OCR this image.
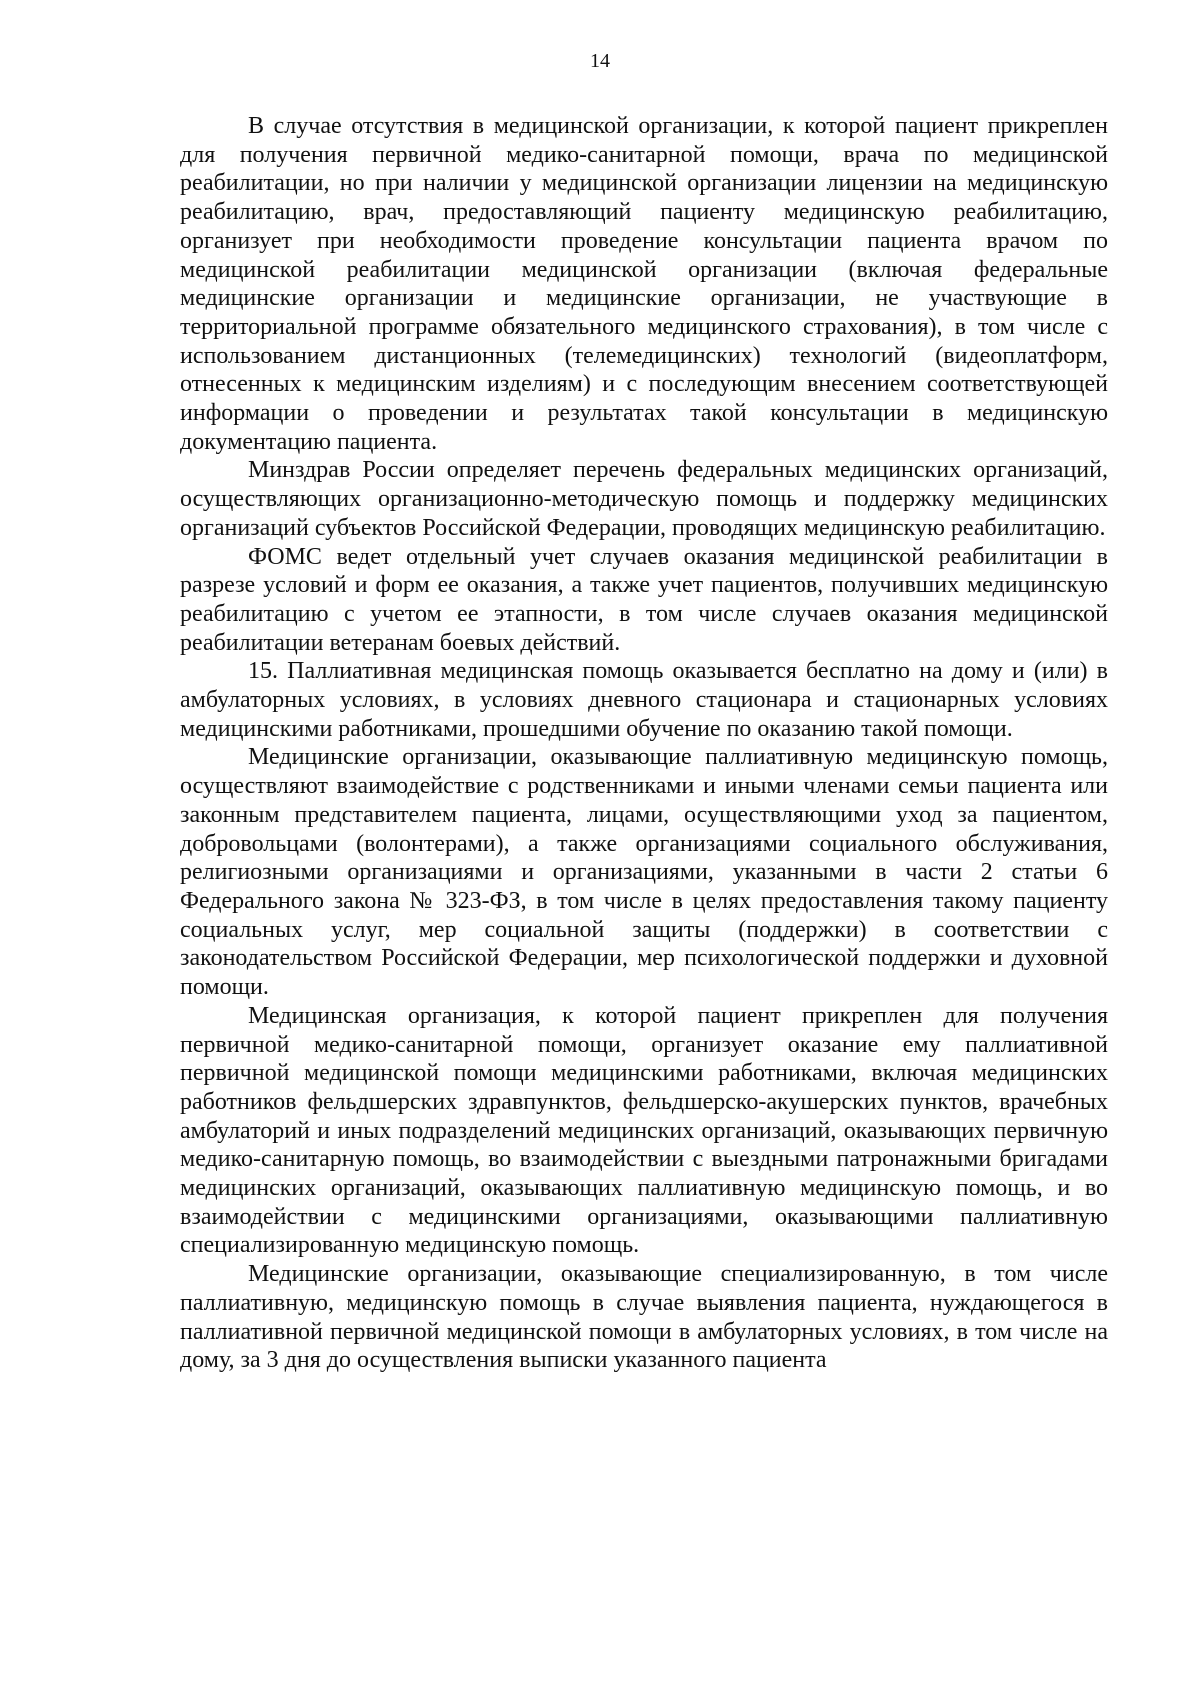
14

В случае отсутствия в медицинской организации, к которой пациент прикреплен для получения первичной медико-санитарной помощи, врача по медицинской реабилитации, но при наличии у медицинской организации лицензии на медицинскую реабилитацию, врач, предоставляющий пациенту медицинскую реабилитацию, организует при необходимости проведение консультации пациента врачом по медицинской реабилитации медицинской организации (включая федеральные медицинские организации и медицинские организации, не участвующие в территориальной программе обязательного медицинского страхования), в том числе с использованием дистанционных (телемедицинских) технологий (видеоплатформ, отнесенных к медицинским изделиям) и с последующим внесением соответствующей информации о проведении и результатах такой консультации в медицинскую документацию пациента.

Минздрав России определяет перечень федеральных медицинских организаций, осуществляющих организационно-методическую помощь и поддержку медицинских организаций субъектов Российской Федерации, проводящих медицинскую реабилитацию.

ФОМС ведет отдельный учет случаев оказания медицинской реабилитации в разрезе условий и форм ее оказания, а также учет пациентов, получивших медицинскую реабилитацию с учетом ее этапности, в том числе случаев оказания медицинской реабилитации ветеранам боевых действий.

15. Паллиативная медицинская помощь оказывается бесплатно на дому и (или) в амбулаторных условиях, в условиях дневного стационара и стационарных условиях медицинскими работниками, прошедшими обучение по оказанию такой помощи.

Медицинские организации, оказывающие паллиативную медицинскую помощь, осуществляют взаимодействие с родственниками и иными членами семьи пациента или законным представителем пациента, лицами, осуществляющими уход за пациентом, добровольцами (волонтерами), а также организациями социального обслуживания, религиозными организациями и организациями, указанными в части 2 статьи 6 Федерального закона № 323-ФЗ, в том числе в целях предоставления такому пациенту социальных услуг, мер социальной защиты (поддержки) в соответствии с законодательством Российской Федерации, мер психологической поддержки и духовной помощи.

Медицинская организация, к которой пациент прикреплен для получения первичной медико-санитарной помощи, организует оказание ему паллиативной первичной медицинской помощи медицинскими работниками, включая медицинских работников фельдшерских здравпунктов, фельдшерско-акушерских пунктов, врачебных амбулаторий и иных подразделений медицинских организаций, оказывающих первичную медико-санитарную помощь, во взаимодействии с выездными патронажными бригадами медицинских организаций, оказывающих паллиативную медицинскую помощь, и во взаимодействии с медицинскими организациями, оказывающими паллиативную специализированную медицинскую помощь.

Медицинские организации, оказывающие специализированную, в том числе паллиативную, медицинскую помощь в случае выявления пациента, нуждающегося в паллиативной первичной медицинской помощи в амбулаторных условиях, в том числе на дому, за 3 дня до осуществления выписки указанного пациента
